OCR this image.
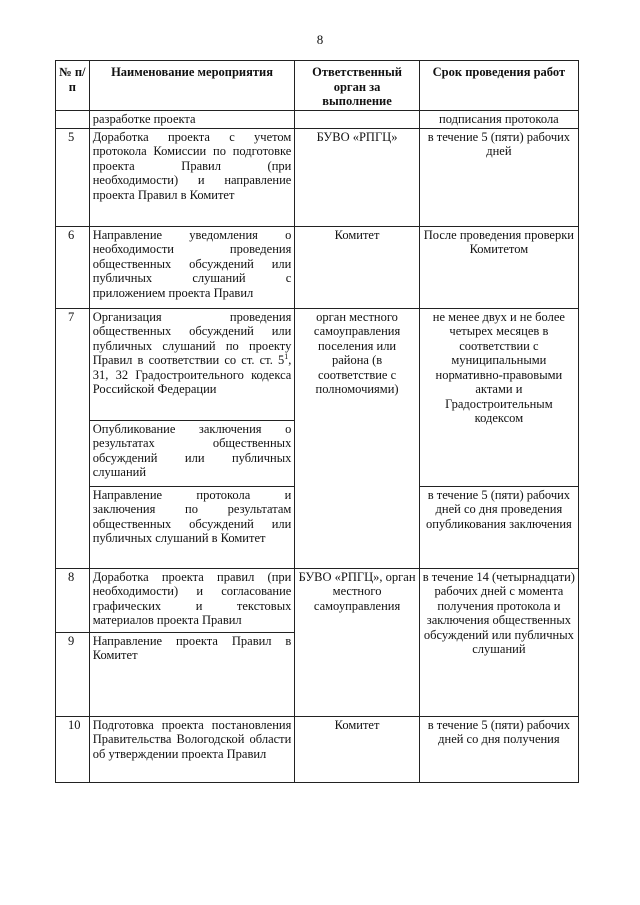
8
№ п/п	Наименование мероприятия	Ответственный орган за выполнение	Срок проведения работ
	разработке проекта		подписания протокола
5	Доработка проекта с учетом протокола Комиссии по подготовке проекта Правил (при необходимости) и направление проекта Правил в Комитет	БУВО «РПГЦ»	в течение 5 (пяти) рабочих дней
6	Направление уведомления о необходимости проведения общественных обсуждений или публичных слушаний с приложением проекта Правил	Комитет	После проведения проверки Комитетом
7	Организация проведения общественных обсуждений или публичных слушаний по проекту Правил в соответствии со ст. ст. $5^1$, 31, 32 Градостроительного кодекса Российской Федерации	орган местного самоуправления поселения или района (в соответствие с полномочиями)	не менее двух и не более четырех месяцев в соответствии с муниципальными нормативно-правовыми актами и Градостроительным кодексом
	Опубликование заключения о результатах общественных обсуждений или публичных слушаний		
	Направление протокола и заключения по результатам общественных обсуждений или публичных слушаний в Комитет		в течение 5 (пяти) рабочих дней со дня проведения опубликования заключения
8	Доработка проекта правил (при необходимости) и согласование графических и текстовых материалов проекта Правил	БУВО «РПГЦ», орган местного самоуправления	в течение 14 (четырнадцати) рабочих дней с момента получения протокола и заключения общественных обсуждений или публичных слушаний
9	Направление проекта Правил в Комитет		
10	Подготовка проекта постановления Правительства Вологодской области об утверждении проекта Правил	Комитет	в течение 5 (пяти) рабочих дней со дня получения
